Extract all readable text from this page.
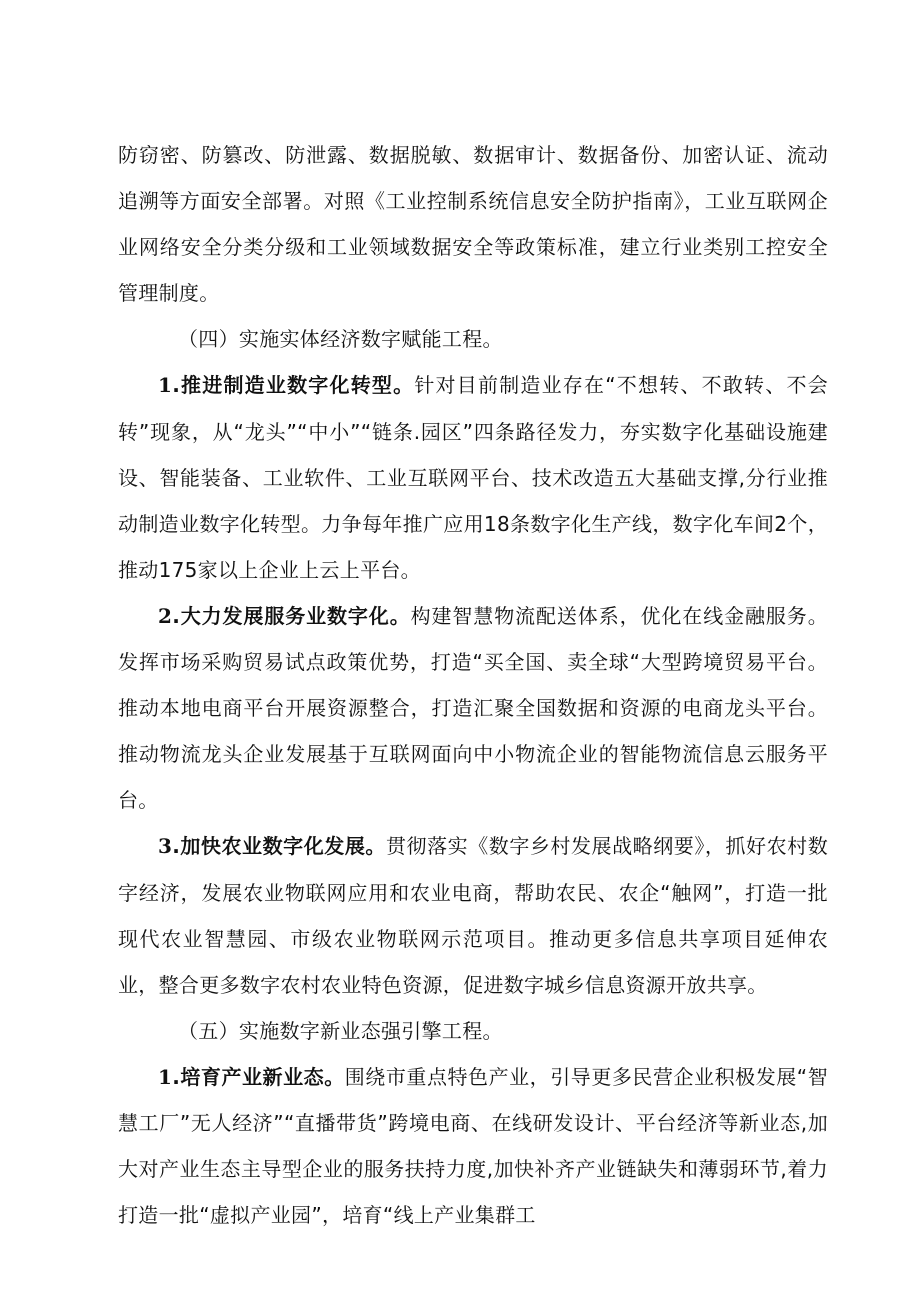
防窃密、防篡改、防泄露、数据脱敏、数据审计、数据备份、加密认证、流动追溯等方面安全部署。对照《工业控制系统信息安全防护指南》，工业互联网企业网络安全分类分级和工业领域数据安全等政策标准，建立行业类别工控安全管理制度。

（四）实施实体经济数字赋能工程。

1.推进制造业数字化转型。针对目前制造业存在“不想转、不敢转、不会转”现象，从“龙头”“中小”“链条.园区”四条路径发力，夯实数字化基础设施建设、智能装备、工业软件、工业互联网平台、技术改造五大基础支撑,分行业推动制造业数字化转型。力争每年推广应用18条数字化生产线，数字化车间2个，推动175家以上企业上云上平台。

2.大力发展服务业数字化。构建智慧物流配送体系，优化在线金融服务。发挥市场采购贸易试点政策优势，打造“买全国、卖全球“大型跨境贸易平台。推动本地电商平台开展资源整合，打造汇聚全国数据和资源的电商龙头平台。推动物流龙头企业发展基于互联网面向中小物流企业的智能物流信息云服务平台。

3.加快农业数字化发展。贯彻落实《数字乡村发展战略纲要》，抓好农村数字经济，发展农业物联网应用和农业电商，帮助农民、农企“触网”，打造一批现代农业智慧园、市级农业物联网示范项目。推动更多信息共享项目延伸农业，整合更多数字农村农业特色资源，促进数字城乡信息资源开放共享。

（五）实施数字新业态强引擎工程。

1.培育产业新业态。围绕市重点特色产业，引导更多民营企业积极发展“智慧工厂”无人经济”“直播带货”跨境电商、在线研发设计、平台经济等新业态,加大对产业生态主导型企业的服务扶持力度,加快补齐产业链缺失和薄弱环节,着力打造一批“虚拟产业园”，培育“线上产业集群工
